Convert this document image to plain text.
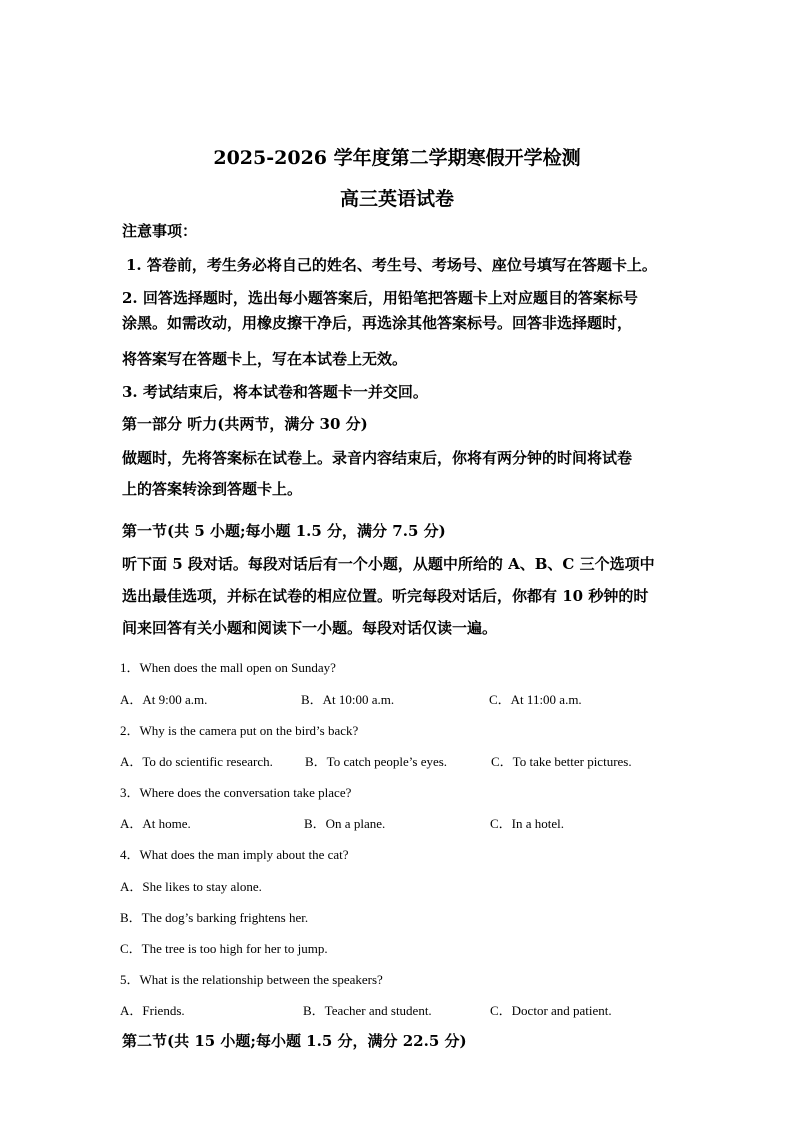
2025-2026 学年度第二学期寒假开学检测
高三英语试卷
注意事项：
1. 答卷前，考生务必将自己的姓名、考生号、考场号、座位号填写在答题卡上。
2. 回答选择题时，选出每小题答案后，用铅笔把答题卡上对应题目的答案标号
涂黑。如需改动，用橡皮擦干净后，再选涂其他答案标号。回答非选择题时，
将答案写在答题卡上，写在本试卷上无效。
3. 考试结束后，将本试卷和答题卡一并交回。
第一部分 听力(共两节，满分 30 分)
做题时，先将答案标在试卷上。录音内容结束后，你将有两分钟的时间将试卷
上的答案转涂到答题卡上。
第一节(共 5 小题;每小题 1.5 分，满分 7.5 分)
听下面 5 段对话。每段对话后有一个小题，从题中所给的 A、B、C 三个选项中
选出最佳选项，并标在试卷的相应位置。听完每段对话后，你都有 10 秒钟的时
间来回答有关小题和阅读下一小题。每段对话仅读一遍。
1．When does the mall open on Sunday?
A．At 9:00 a.m.	B．At 10:00 a.m.	C．At 11:00 a.m.
2．Why is the camera put on the bird’s back?
A．To do scientific research. B．To catch people’s eyes.	C．To take better pictures.
3．Where does the conversation take place?
A．At home.	B．On a plane.	C．In a hotel.
4．What does the man imply about the cat?
A．She likes to stay alone.
B．The dog’s barking frightens her.
C．The tree is too high for her to jump.
5．What is the relationship between the speakers?
A．Friends.	B．Teacher and student.	C．Doctor and patient.
第二节(共 15 小题;每小题 1.5 分，满分 22.5 分)
